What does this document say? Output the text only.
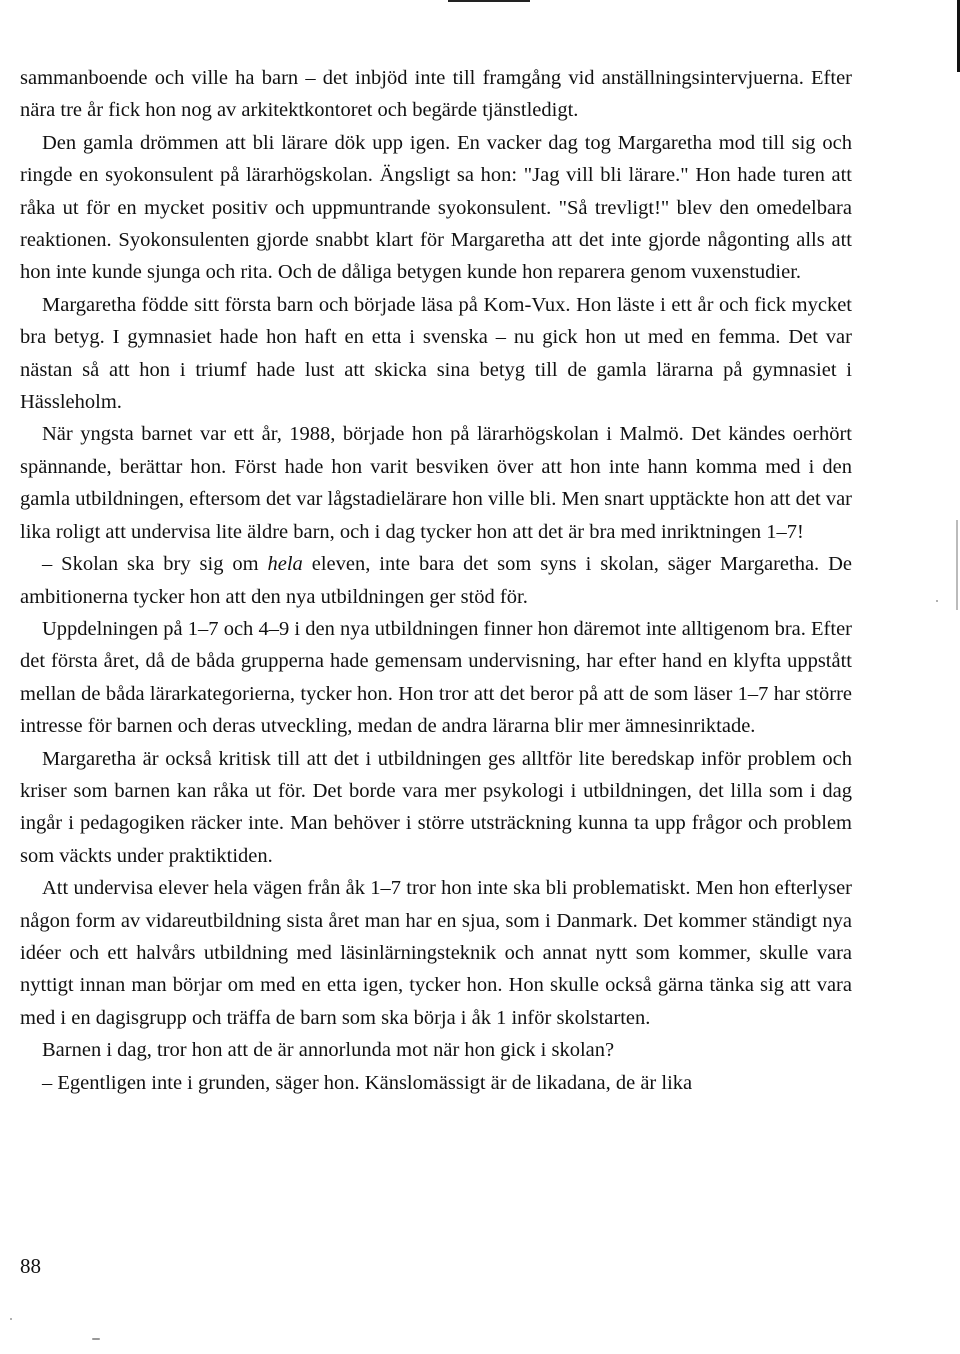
sammanboende och ville ha barn – det inbjöd inte till framgång vid anställningsintervjuerna. Efter nära tre år fick hon nog av arkitektkontoret och begärde tjänstledigt.

Den gamla drömmen att bli lärare dök upp igen. En vacker dag tog Margaretha mod till sig och ringde en syokonsulent på lärarhögskolan. Ängsligt sa hon: "Jag vill bli lärare." Hon hade turen att råka ut för en mycket positiv och uppmuntrande syokonsulent. "Så trevligt!" blev den omedelbara reaktionen. Syokonsulenten gjorde snabbt klart för Margaretha att det inte gjorde någonting alls att hon inte kunde sjunga och rita. Och de dåliga betygen kunde hon reparera genom vuxenstudier.

Margaretha födde sitt första barn och började läsa på Kom-Vux. Hon läste i ett år och fick mycket bra betyg. I gymnasiet hade hon haft en etta i svenska – nu gick hon ut med en femma. Det var nästan så att hon i triumf hade lust att skicka sina betyg till de gamla lärarna på gymnasiet i Hässleholm.

När yngsta barnet var ett år, 1988, började hon på lärarhögskolan i Malmö. Det kändes oerhört spännande, berättar hon. Först hade hon varit besviken över att hon inte hann komma med i den gamla utbildningen, eftersom det var lågstadielärare hon ville bli. Men snart upptäckte hon att det var lika roligt att undervisa lite äldre barn, och i dag tycker hon att det är bra med inriktningen 1–7!

– Skolan ska bry sig om hela eleven, inte bara det som syns i skolan, säger Margaretha. De ambitionerna tycker hon att den nya utbildningen ger stöd för.

Uppdelningen på 1–7 och 4–9 i den nya utbildningen finner hon däremot inte alltigenom bra. Efter det första året, då de båda grupperna hade gemensam undervisning, har efter hand en klyfta uppstått mellan de båda lärarkategorierna, tycker hon. Hon tror att det beror på att de som läser 1–7 har större intresse för barnen och deras utveckling, medan de andra lärarna blir mer ämnesinriktade.

Margaretha är också kritisk till att det i utbildningen ges alltför lite beredskap inför problem och kriser som barnen kan råka ut för. Det borde vara mer psykologi i utbildningen, det lilla som i dag ingår i pedagogiken räcker inte. Man behöver i större utsträckning kunna ta upp frågor och problem som väckts under praktiktiden.

Att undervisa elever hela vägen från åk 1–7 tror hon inte ska bli problematiskt. Men hon efterlyser någon form av vidareutbildning sista året man har en sjua, som i Danmark. Det kommer ständigt nya idéer och ett halvårs utbildning med läsinlärningsteknik och annat nytt som kommer, skulle vara nyttigt innan man börjar om med en etta igen, tycker hon. Hon skulle också gärna tänka sig att vara med i en dagisgrupp och träffa de barn som ska börja i åk 1 inför skolstarten.

Barnen i dag, tror hon att de är annorlunda mot när hon gick i skolan?

– Egentligen inte i grunden, säger hon. Känslomässigt är de likadana, de är lika

88
